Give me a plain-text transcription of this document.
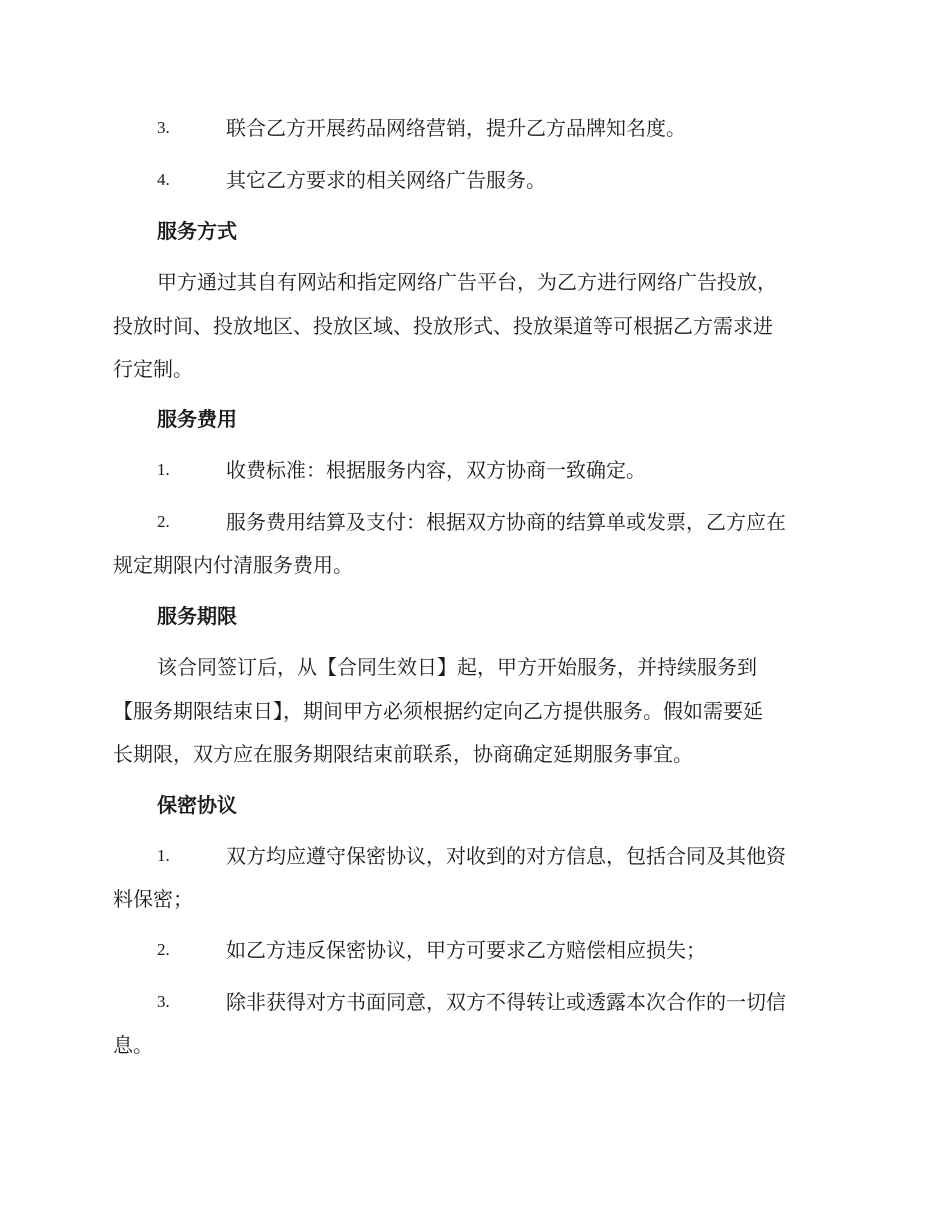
3.	联合乙方开展药品网络营销，提升乙方品牌知名度。
4.	其它乙方要求的相关网络广告服务。
服务方式
甲方通过其自有网站和指定网络广告平台，为乙方进行网络广告投放，
投放时间、投放地区、投放区域、投放形式、投放渠道等可根据乙方需求进
行定制。
服务费用
1.	收费标准：根据服务内容，双方协商一致确定。
2.	服务费用结算及支付：根据双方协商的结算单或发票，乙方应在
规定期限内付清服务费用。
服务期限
该合同签订后，从【合同生效日】起，甲方开始服务，并持续服务到
【服务期限结束日】，期间甲方必须根据约定向乙方提供服务。假如需要延
长期限，双方应在服务期限结束前联系，协商确定延期服务事宜。
保密协议
1.	双方均应遵守保密协议，对收到的对方信息，包括合同及其他资
料保密；
2.	如乙方违反保密协议，甲方可要求乙方赔偿相应损失；
3.	除非获得对方书面同意，双方不得转让或透露本次合作的一切信
息。
